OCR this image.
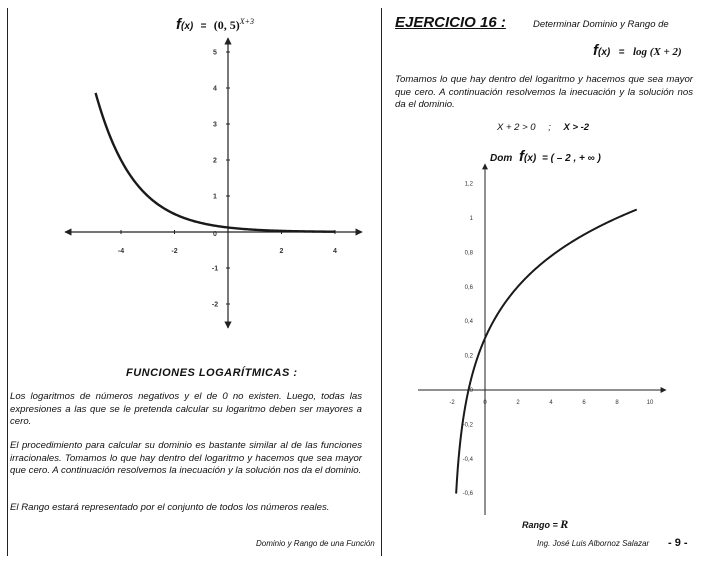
f(x) = (0, 5)$^{X+3}$
-4	-2
0
2	4
5
4
3
2
1
-1
-2
FUNCIONES LOGARÍTMICAS :

Los logaritmos de números negativos y el de 0 no existen. Luego, todas las expresiones a las que se le pretenda calcular su logaritmo deben ser mayores a cero.

El procedimiento para calcular su dominio es bastante similar al de las funciones irracionales. Tomamos lo que hay dentro del logaritmo y hacemos que sea mayor que cero. A continuación resolvemos la inecuación y la solución nos da el dominio.

El Rango estará representado por el conjunto de todos los números reales.

Dominio y Rango de una Función
EJERCICIO 16 :	Determinar Dominio y Rango de
f(x) = log (X + 2)

Tomamos lo que hay dentro del logaritmo y hacemos que sea mayor que cero. A continuación resolvemos la inecuación y la solución nos da el dominio.

X + 2 > 0 ; X > -2
Dom f(x) = ( – 2 , + ∞ )
-2	0	2	4	6	8	10
1,2
1
0,8
0,6
0,4
0,2
0
-0,2
-0,4
-0,6
Rango = R
Ing. José Luis Albornoz Salazar - 9 -
